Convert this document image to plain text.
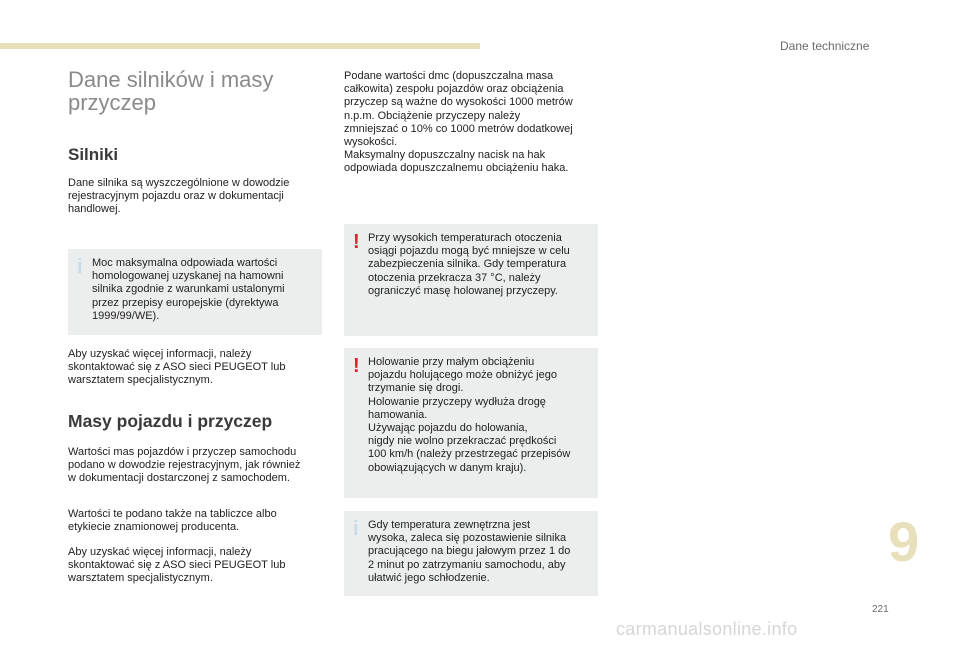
Dane techniczne
Dane silników i masy
przyczep
Silniki

Dane silnika są wyszczególnione w dowodzie
rejestracyjnym pojazdu oraz w dokumentacji
handlowej.

i Moc maksymalna odpowiada wartości
homologowanej uzyskanej na hamowni
silnika zgodnie z warunkami ustalonymi
przez przepisy europejskie (dyrektywa
1999/99/WE).

Aby uzyskać więcej informacji, należy
skontaktować się z ASO sieci PEUGEOT lub
warsztatem specjalistycznym.

Masy pojazdu i przyczep

Wartości mas pojazdów i przyczep samochodu
podano w dowodzie rejestracyjnym, jak również
w dokumentacji dostarczonej z samochodem.

Wartości te podano także na tabliczce albo
etykiecie znamionowej producenta.

Aby uzyskać więcej informacji, należy
skontaktować się z ASO sieci PEUGEOT lub
warsztatem specjalistycznym.

Podane wartości dmc (dopuszczalna masa
całkowita) zespołu pojazdów oraz obciążenia
przyczep są ważne do wysokości 1000 metrów
n.p.m. Obciążenie przyczepy należy
zmniejszać o 10% co 1000 metrów dodatkowej
wysokości.
Maksymalny dopuszczalny nacisk na hak
odpowiada dopuszczalnemu obciążeniu haka.

! Przy wysokich temperaturach otoczenia
osiągi pojazdu mogą być mniejsze w celu
zabezpieczenia silnika. Gdy temperatura
otoczenia przekracza 37 °C, należy
ograniczyć masę holowanej przyczepy.

! Holowanie przy małym obciążeniu
pojazdu holującego może obniżyć jego
trzymanie się drogi.
Holowanie przyczepy wydłuża drogę
hamowania.
Używając pojazdu do holowania,
nigdy nie wolno przekraczać prędkości
100 km/h (należy przestrzegać przepisów
obowiązujących w danym kraju).

i Gdy temperatura zewnętrzna jest
wysoka, zaleca się pozostawienie silnika
pracującego na biegu jałowym przez 1 do
2 minut po zatrzymaniu samochodu, aby
ułatwić jego schłodzenie.

9
221
carmanualsonline.info
